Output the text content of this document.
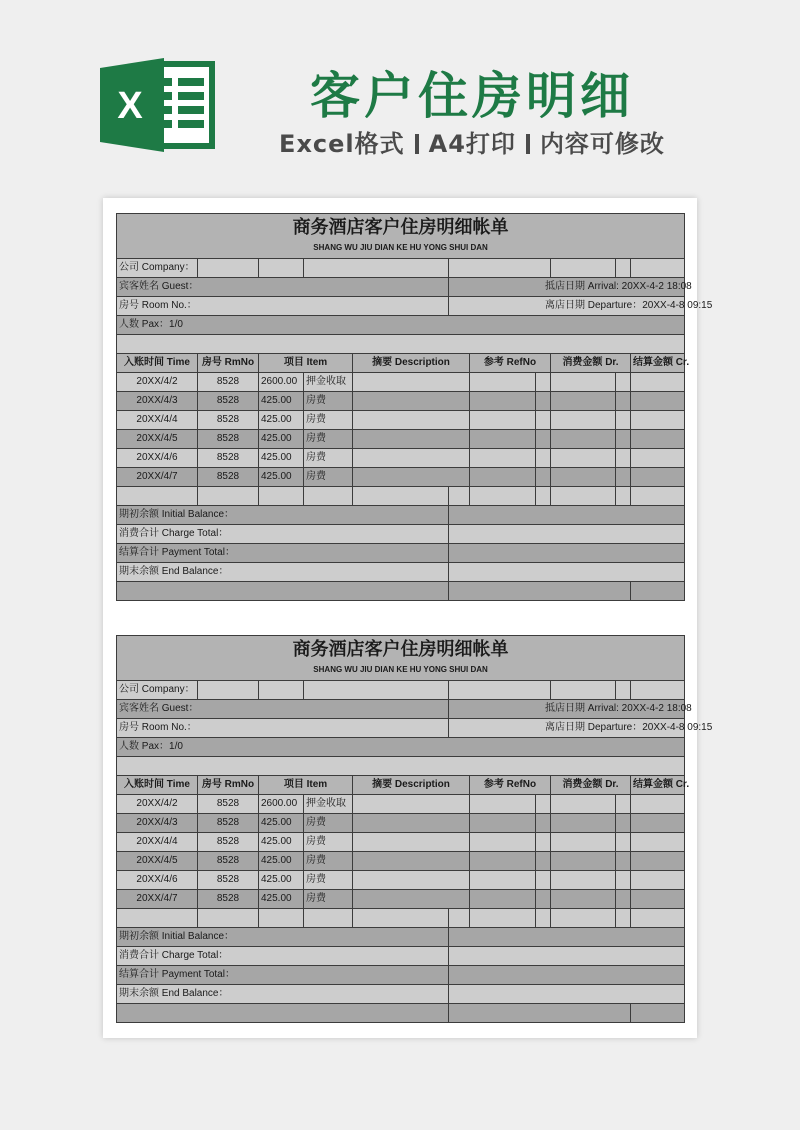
X	客户住房明细
Excel格式 A4打印 内容可修改
商务酒店客户住房明细帐单										
SHANG WU JIU DIAN KE HU YONG SHUI DAN										
公司 Company：										
宾客姓名 Guest：					抵店日期 Arrival: 20XX-4-2 18:08					
房号 Room No.：					离店日期 Departure：20XX-4-8 09:15					
人数 Pax：1/0										

入账时间 Time	房号 RmNo	项目 Item		摘要 Description		参考 RefNo		消费金额 Dr.		结算金额 Cr.
20XX/4/2	8528	2600.00	押金收取							
20XX/4/3	8528	425.00	房费							
20XX/4/4	8528	425.00	房费							
20XX/4/5	8528	425.00	房费							
20XX/4/6	8528	425.00	房费							
20XX/4/7	8528	425.00	房费							

期初余额 Initial Balance：										
消费合计 Charge Total：										
结算合计 Payment Total：										
期末余额 End Balance：										

商务酒店客户住房明细帐单										
SHANG WU JIU DIAN KE HU YONG SHUI DAN										
公司 Company：										
宾客姓名 Guest：					抵店日期 Arrival: 20XX-4-2 18:08					
房号 Room No.：					离店日期 Departure：20XX-4-8 09:15					
人数 Pax：1/0										

入账时间 Time	房号 RmNo	项目 Item		摘要 Description		参考 RefNo		消费金额 Dr.		结算金额 Cr.
20XX/4/2	8528	2600.00	押金收取							
20XX/4/3	8528	425.00	房费							
20XX/4/4	8528	425.00	房费							
20XX/4/5	8528	425.00	房费							
20XX/4/6	8528	425.00	房费							
20XX/4/7	8528	425.00	房费							

期初余额 Initial Balance：										
消费合计 Charge Total：										
结算合计 Payment Total：										
期末余额 End Balance：										
